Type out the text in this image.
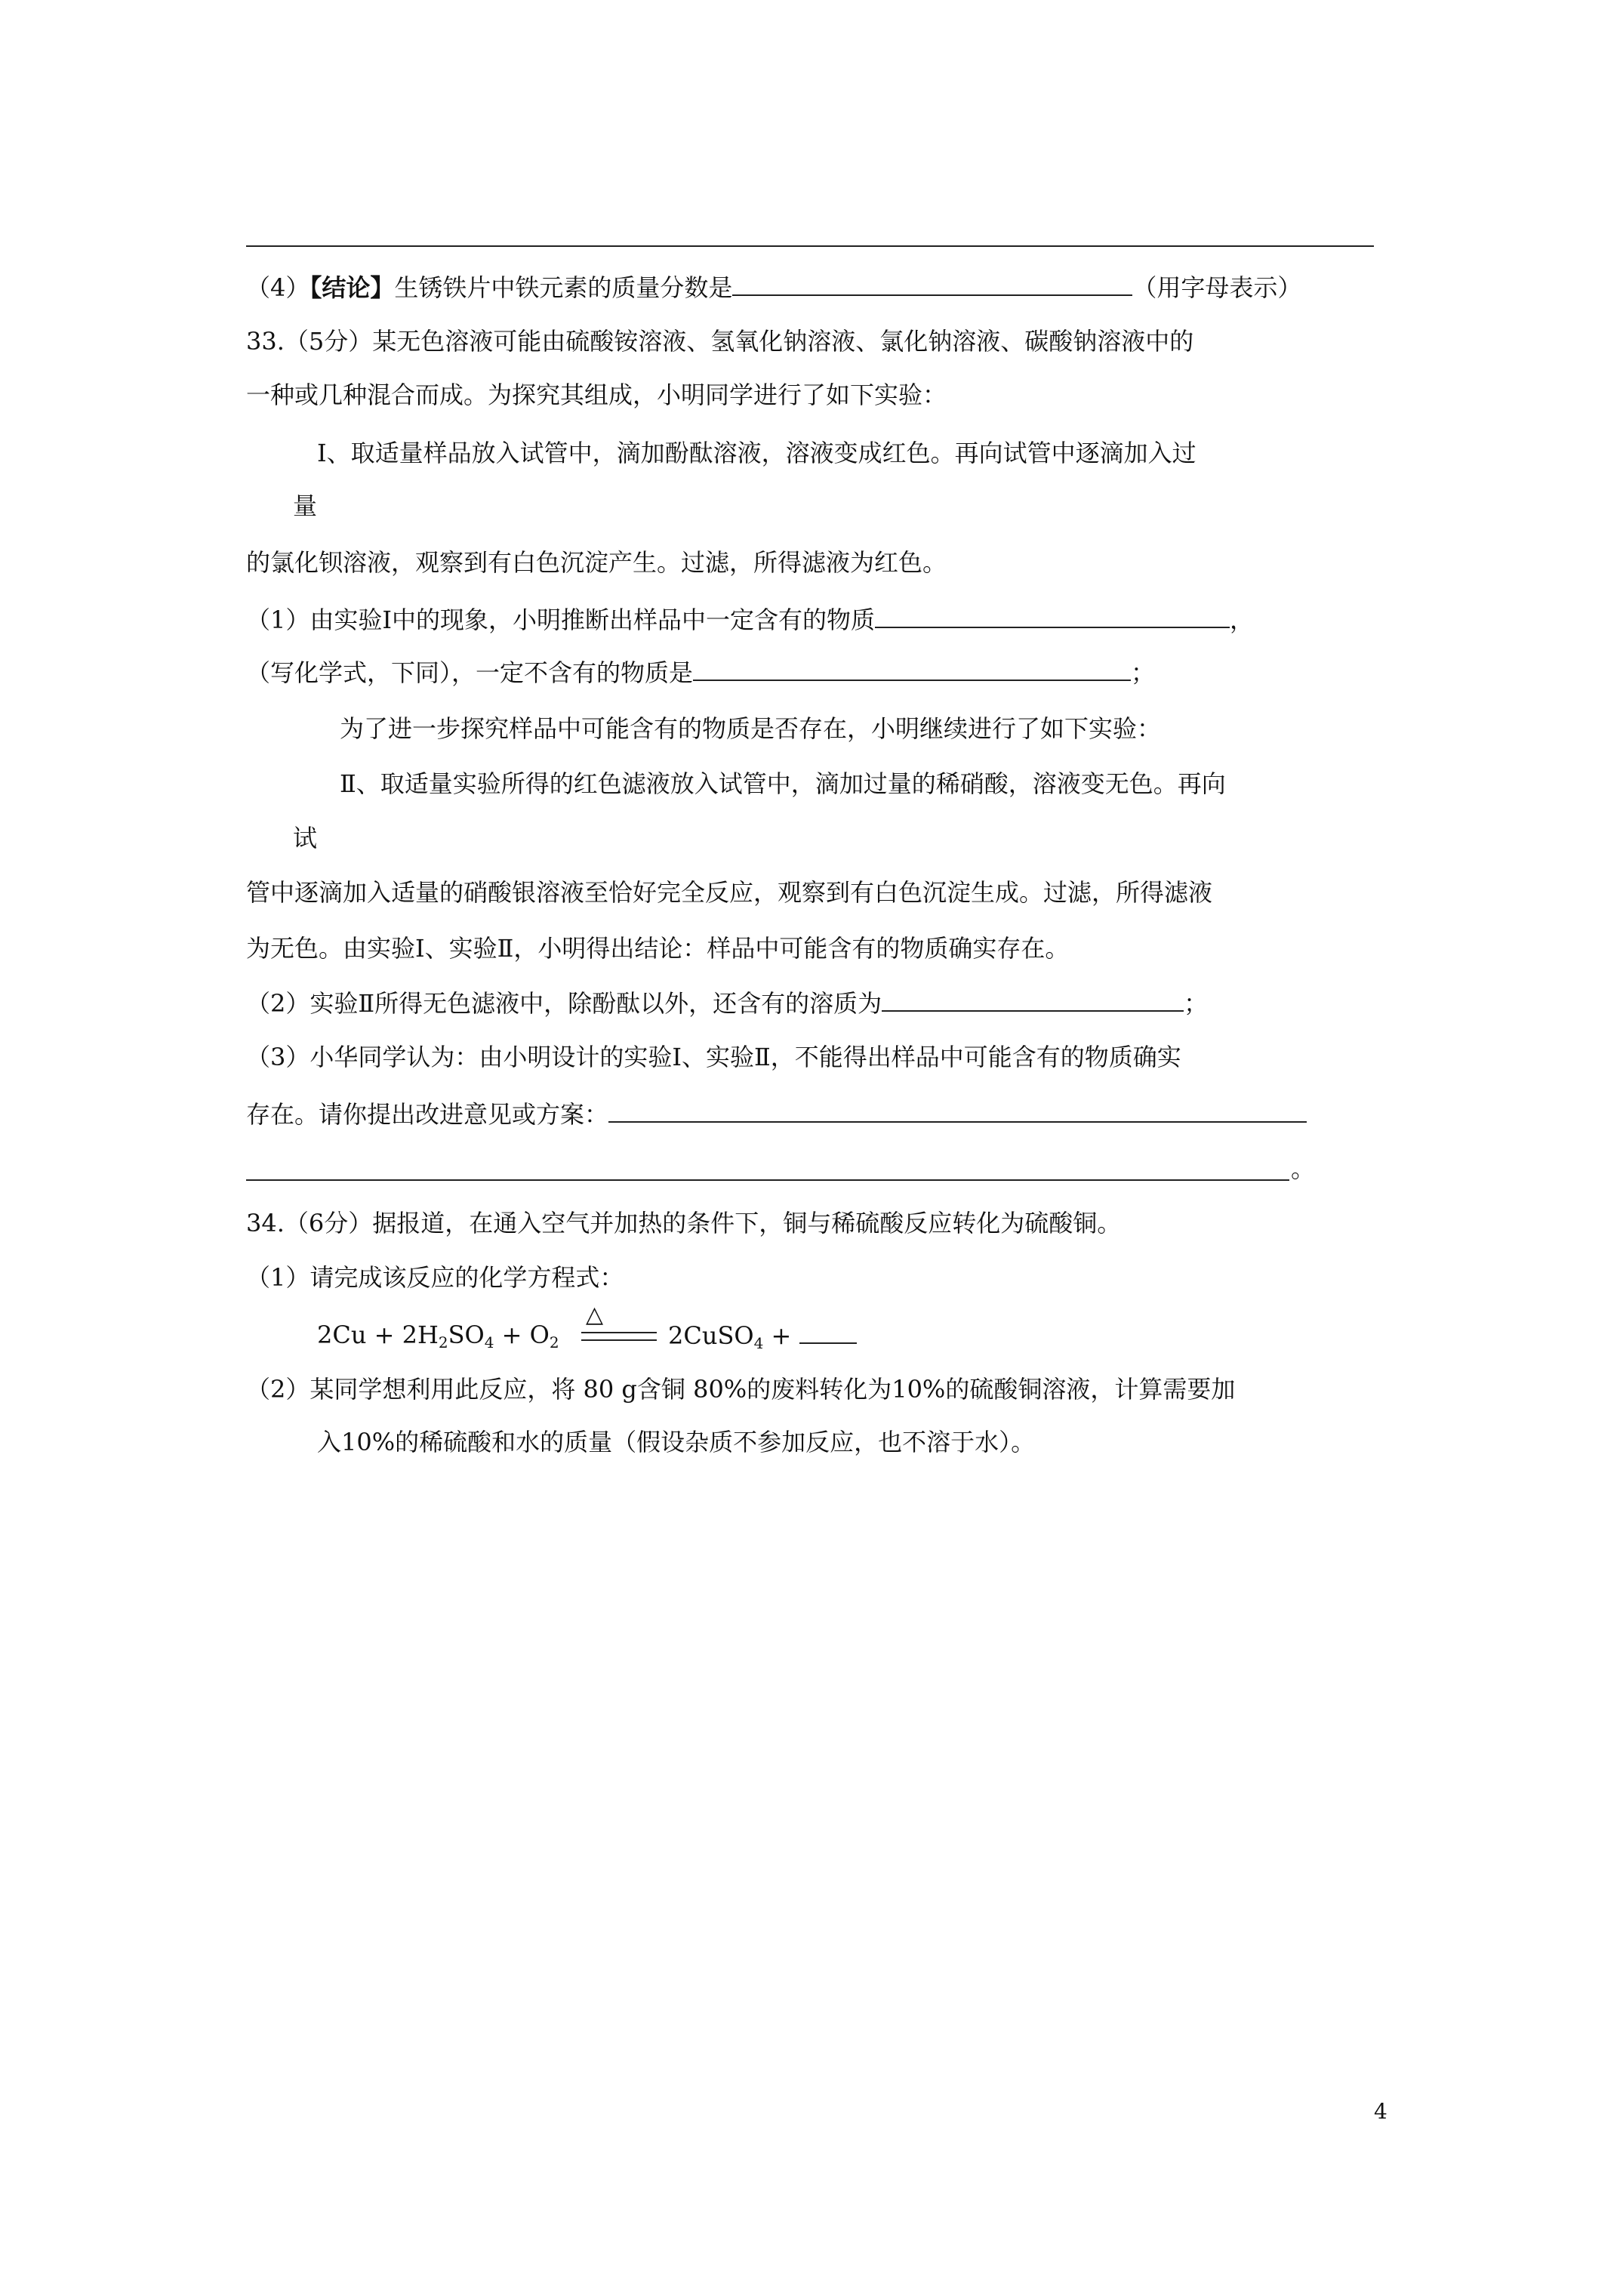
（4）【结论】生锈铁片中铁元素的质量分数是	（用字母表示）
33.（5分）某无色溶液可能由硫酸铵溶液、氢氧化钠溶液、氯化钠溶液、碳酸钠溶液中的
一种或几种混合而成。为探究其组成，小明同学进行了如下实验：
Ⅰ、取适量样品放入试管中，滴加酚酞溶液，溶液变成红色。再向试管中逐滴加入过
量
的氯化钡溶液，观察到有白色沉淀产生。过滤，所得滤液为红色。
（1）由实验Ⅰ中的现象，小明推断出样品中一定含有的物质	，
（写化学式，下同），一定不含有的物质是	；
为了进一步探究样品中可能含有的物质是否存在，小明继续进行了如下实验：
Ⅱ、取适量实验所得的红色滤液放入试管中，滴加过量的稀硝酸，溶液变无色。再向
试
管中逐滴加入适量的硝酸银溶液至恰好完全反应，观察到有白色沉淀生成。过滤，所得滤液
为无色。由实验Ⅰ、实验Ⅱ，小明得出结论：样品中可能含有的物质确实存在。
（2）实验Ⅱ所得无色滤液中，除酚酞以外，还含有的溶质为	；
（3）小华同学认为：由小明设计的实验Ⅰ、实验Ⅱ，不能得出样品中可能含有的物质确实
存在。请你提出改进意见或方案：
。
34.（6分）据报道，在通入空气并加热的条件下，铜与稀硫酸反应转化为硫酸铜。
（1）请完成该反应的化学方程式：
$2Cu + 2H_2SO_4 + O_2$
△
2CuSO$_4$ +
（2）某同学想利用此反应，将 80 g含铜 80%的废料转化为10%的硫酸铜溶液，计算需要加
入10%的稀硫酸和水的质量（假设杂质不参加反应，也不溶于水）。
4
